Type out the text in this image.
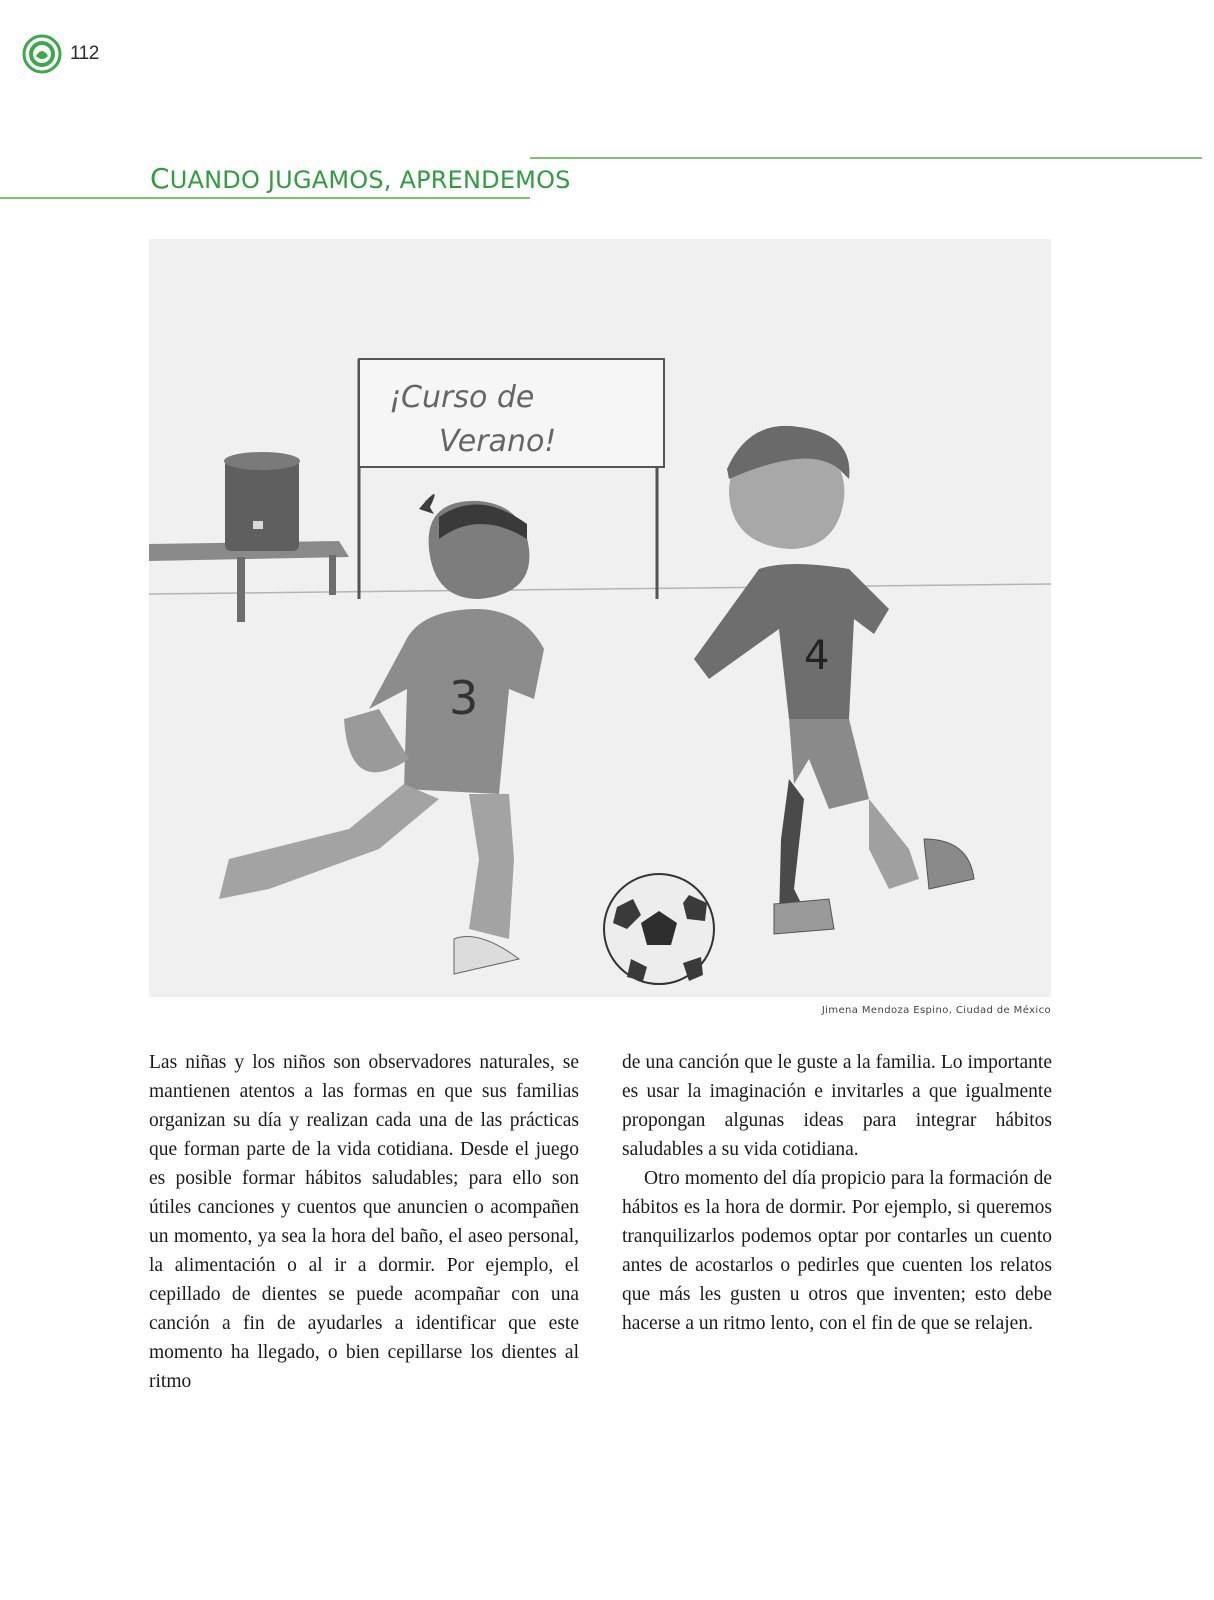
112
CUANDO JUGAMOS, APRENDEMOS
¡Curso de
Verano!
3
4
Jimena Mendoza Espino, Ciudad de México

Las niñas y los niños son observadores naturales, se mantienen atentos a las formas en que sus familias organizan su día y realizan cada una de las prácticas que forman parte de la vida cotidiana. Desde el juego es posible formar hábitos saludables; para ello son útiles canciones y cuentos que anuncien o acompañen un momento, ya sea la hora del baño, el aseo personal, la alimentación o al ir a dormir. Por ejemplo, el cepillado de dientes se puede acompañar con una canción a fin de ayudarles a identificar que este momento ha llegado, o bien cepillarse los dientes al ritmo

de una canción que le guste a la familia. Lo importante es usar la imaginación e invitarles a que igualmente propongan algunas ideas para integrar hábitos saludables a su vida cotidiana.

Otro momento del día propicio para la formación de hábitos es la hora de dormir. Por ejemplo, si queremos tranquilizarlos podemos optar por contarles un cuento antes de acostarlos o pedirles que cuenten los relatos que más les gusten u otros que inventen; esto debe hacerse a un ritmo lento, con el fin de que se relajen.
